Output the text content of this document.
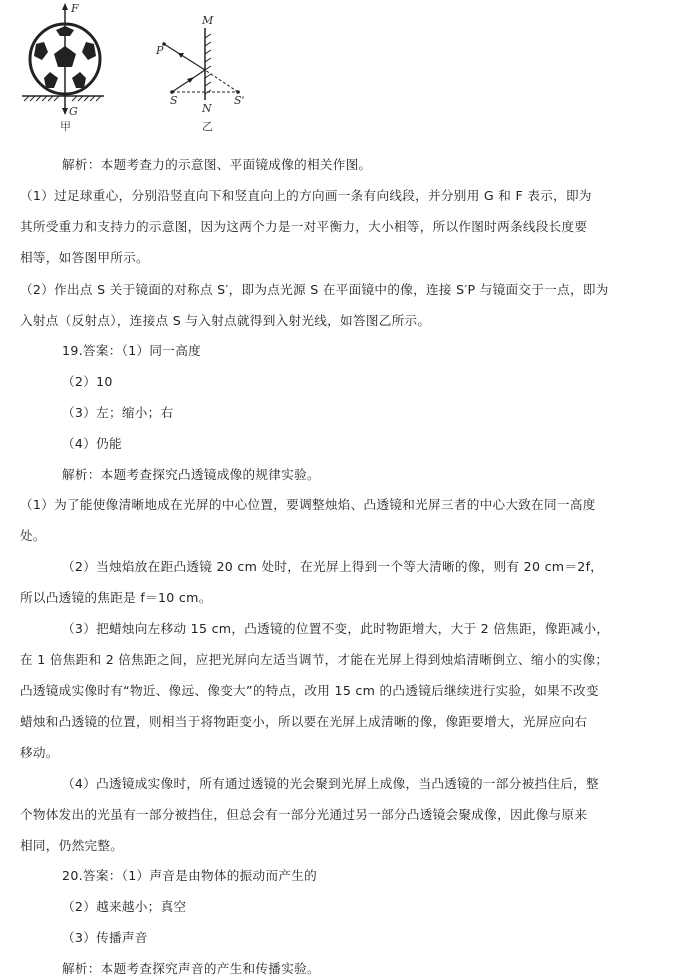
F
G
甲
M
N
P
S	S'
乙
解析：本题考查力的示意图、平面镜成像的相关作图。
（1）过足球重心，分别沿竖直向下和竖直向上的方向画一条有向线段，并分别用 G 和 F 表示，即为
其所受重力和支持力的示意图，因为这两个力是一对平衡力，大小相等，所以作图时两条线段长度要
相等，如答图甲所示。
（2）作出点 S 关于镜面的对称点 S′，即为点光源 S 在平面镜中的像，连接 S′P 与镜面交于一点，即为
入射点（反射点），连接点 S 与入射点就得到入射光线，如答图乙所示。
19.答案：（1）同一高度
（2）10
（3）左；缩小；右
（4）仍能
解析：本题考查探究凸透镜成像的规律实验。
（1）为了能使像清晰地成在光屏的中心位置，要调整烛焰、凸透镜和光屏三者的中心大致在同一高度
处。
（2）当烛焰放在距凸透镜 20 cm 处时，在光屏上得到一个等大清晰的像，则有 20 cm＝2f，
所以凸透镜的焦距是 f＝10 cm。
（3）把蜡烛向左移动 15 cm，凸透镜的位置不变，此时物距增大，大于 2 倍焦距，像距减小，
在 1 倍焦距和 2 倍焦距之间，应把光屏向左适当调节，才能在光屏上得到烛焰清晰倒立、缩小的实像；
凸透镜成实像时有“物近、像远、像变大”的特点，改用 15 cm 的凸透镜后继续进行实验，如果不改变
蜡烛和凸透镜的位置，则相当于将物距变小，所以要在光屏上成清晰的像，像距要增大，光屏应向右
移动。
（4）凸透镜成实像时，所有通过透镜的光会聚到光屏上成像，当凸透镜的一部分被挡住后，整
个物体发出的光虽有一部分被挡住，但总会有一部分光通过另一部分凸透镜会聚成像，因此像与原来
相同，仍然完整。
20.答案：（1）声音是由物体的振动而产生的
（2）越来越小；真空
（3）传播声音
解析：本题考查探究声音的产生和传播实验。
